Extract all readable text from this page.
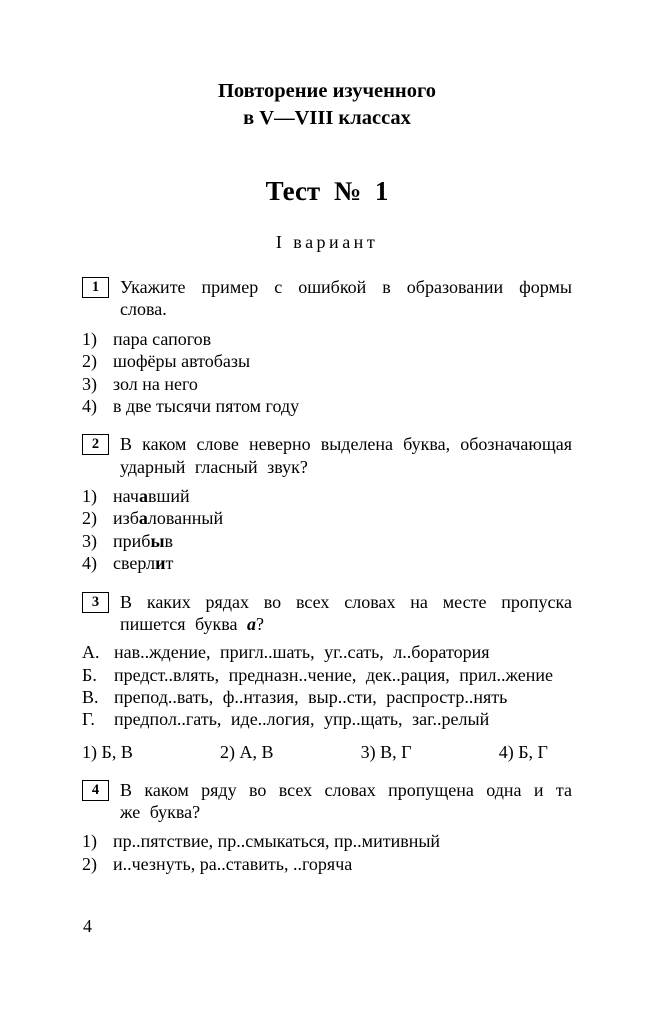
Повторение изученного
в V—VIII классах
Тест № 1
I вариант
1	Укажите пример с ошибкой в образовании формы слова.
1) пара сапогов
2) шофёры автобазы
3) зол на него
4) в две тысячи пятом году
2	В каком слове неверно выделена буква, обозначающая ударный гласный звук?
1) начавший
2) избалованный
3) прибыв
4) сверлит
3	В каких рядах во всех словах на месте пропуска пишется буква а?
А. нав..ждение, пригл..шать, уг..сать, л..боратория
Б. предст..влять, предназн..чение, дек..рация, прил..жение
В. препод..вать, ф..нтазия, выр..сти, распростр..нять
Г.	предпол..гать, иде..логия, упр..щать, заг..релый
1) Б, В	2) А, В	3) В, Г	4) Б, Г
4	В каком ряду во всех словах пропущена одна и та же буква?
1) пр..пятствие, пр..смыкаться, пр..митивный
2) и..чезнуть, ра..ставить, ..горяча
4
